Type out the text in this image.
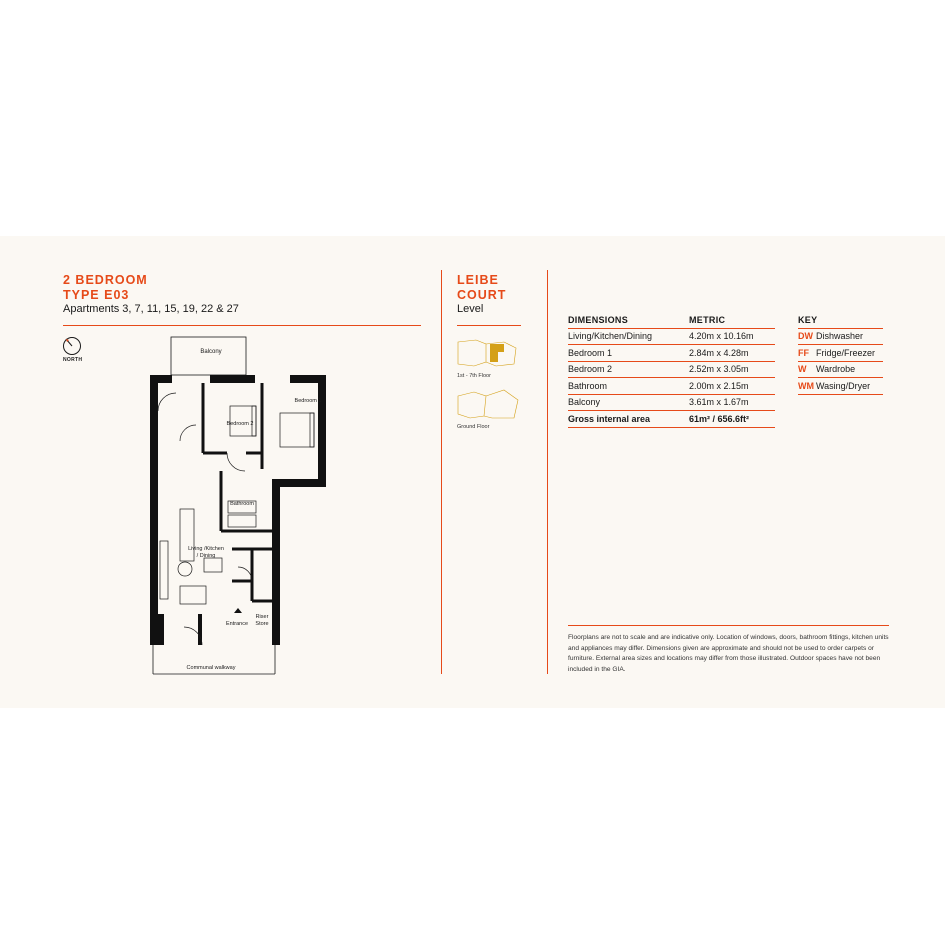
2 BEDROOM
TYPE E03
Apartments 3, 7, 11, 15, 19, 22 & 27
NORTH
Balcony
Bedroom 1
Bedroom 2
Bathroom
Living /Kitchen
/ Dining
Entrance
Riser
Store
Communal walkway
LEIBE
COURT
Level
1st - 7th Floor
Ground Floor
DIMENSIONS	METRIC
Living/Kitchen/Dining	4.20m x 10.16m
Bedroom 1	2.84m x 4.28m
Bedroom 2	2.52m x 3.05m
Bathroom	2.00m x 2.15m
Balcony	3.61m x 1.67m
Gross internal area	61m² / 656.6ft²
KEY	
DW	Dishwasher
FF	Fridge/Freezer
W	Wardrobe
WM	Wasing/Dryer
Floorplans are not to scale and are indicative only. Location of windows, doors, bathroom fittings, kitchen units and appliances may differ. Dimensions given are approximate and should not be used to order carpets or furniture. External area sizes and locations may differ from those illustrated. Outdoor spaces have not been included in the GIA.
